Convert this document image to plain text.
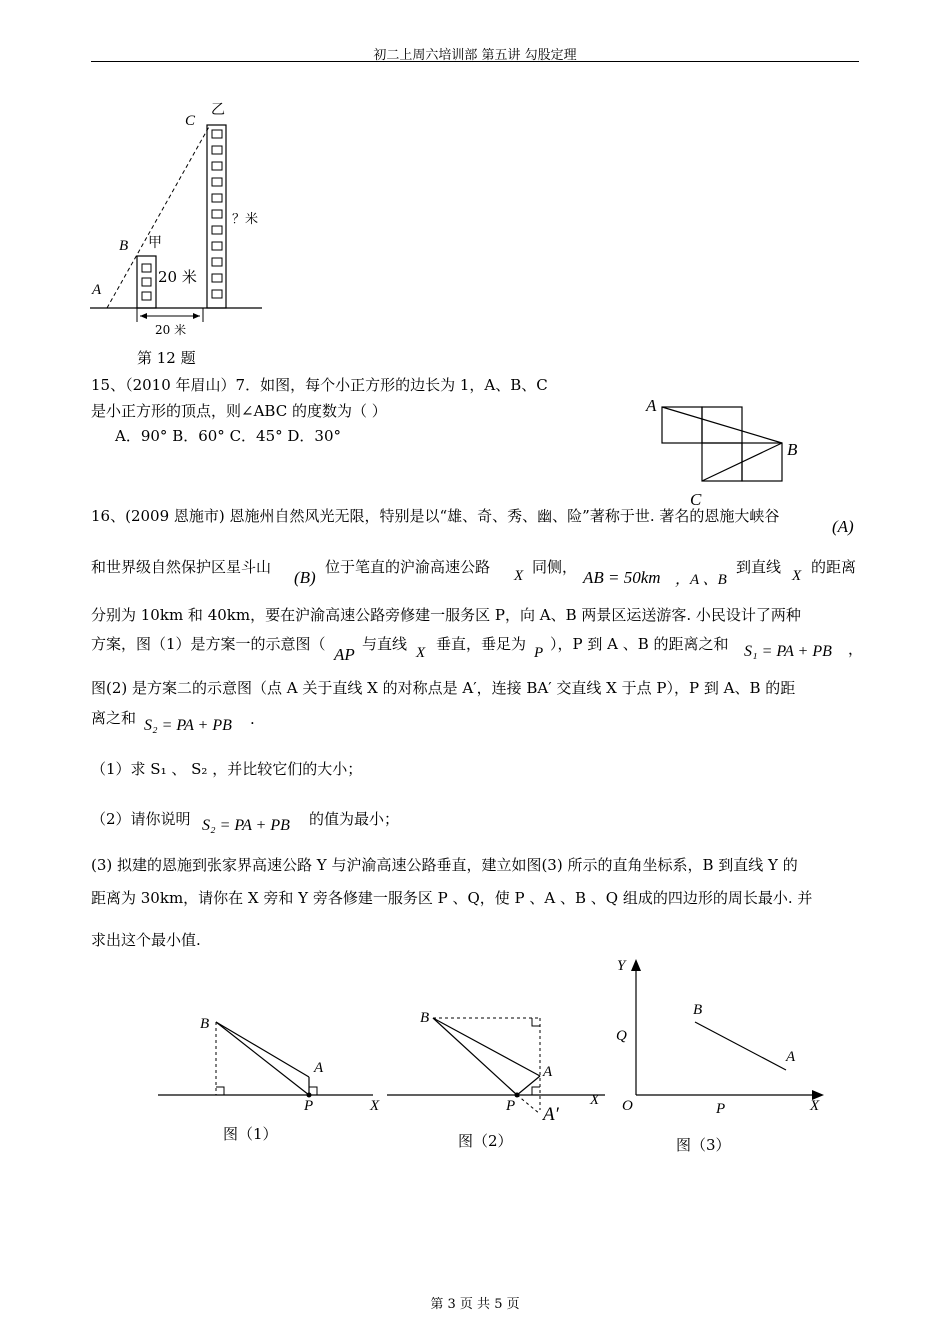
初二上周六培训部 第五讲 勾股定理
乙
甲
C
B
A
？米
20 米
20 米
第 12 题
15、（2010 年眉山）7．如图，每个小正方形的边长为 1，A、B、C
是小正方形的顶点，则∠ABC 的度数为（ ）
A．90° B．60° C．45° D．30°
A
B
C
16、(2009 恩施市) 恩施州自然风光无限，特别是以“雄、奇、秀、幽、险”著称于世. 著名的恩施大峡谷
(A)
和世界级自然保护区星斗山
(B)
位于笔直的沪渝高速公路 X 同侧，
AB = 50km ，A 、B
到直线 X 的距离
分别为 10km 和 40km，要在沪渝高速公路旁修建一服务区 P，向 A、B 两景区运送游客. 小民设计了两种
方案，图（1）是方案一的示意图（
AP
与直线 X 垂直，垂足为 P ），P 到 A 、B 的距离之和 S₁ = PA + PB ，
图(2) 是方案二的示意图（点 A 关于直线 X 的对称点是 A′，连接 BA′ 交直线 X 于点 P），P 到 A、B 的距
离之和 S₂ = PA + PB .
（1）求 S₁ 、 S₂ ，并比较它们的大小；
（2）请你说明 S₂ = PA + PB 的值为最小；
(3) 拟建的恩施到张家界高速公路 Y 与沪渝高速公路垂直，建立如图(3) 所示的直角坐标系，B 到直线 Y 的
距离为 30km，请你在 X 旁和 Y 旁各修建一服务区 P 、Q，使 P 、A 、B 、Q 组成的四边形的周长最小. 并
求出这个最小值.
B
A
P	X
图（1）
B
A
P	X
A′
图（2）
Y
Q
B
A
O	P	X
图（3）
第 3 页 共 5 页
